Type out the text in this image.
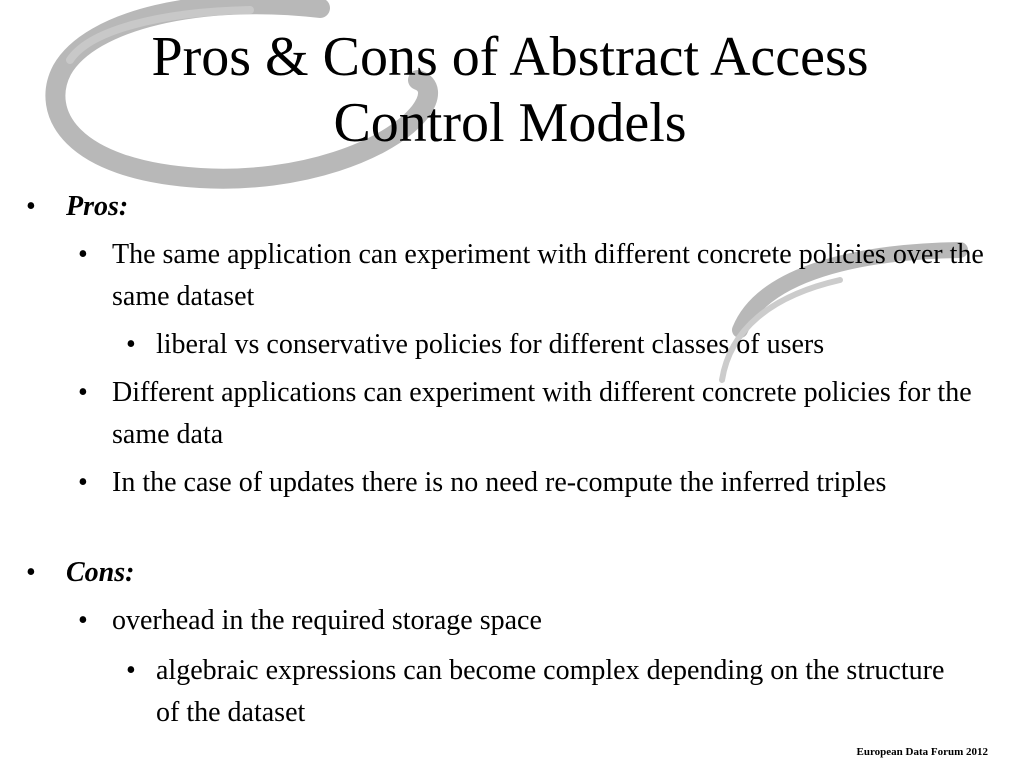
Pros & Cons of Abstract Access
Control Models
• Pros:
• The same application can experiment with different concrete policies over the same dataset
• liberal vs conservative policies for different classes of users
• Different applications can experiment with different concrete policies for the same data
• In the case of updates there is no need re-compute the inferred triples
• Cons:
• overhead in the required storage space
• algebraic expressions can become complex depending on the structure of the dataset
European Data Forum 2012
